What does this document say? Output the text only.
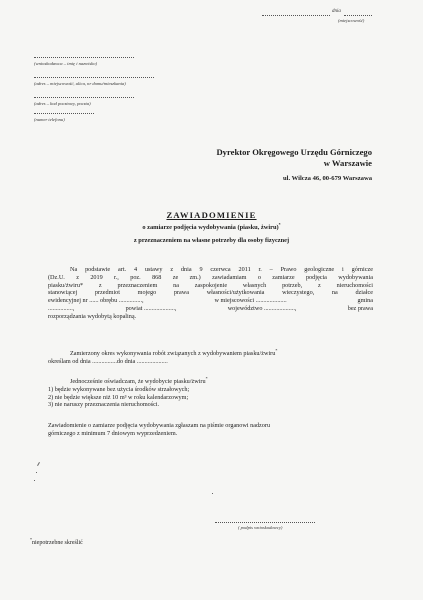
dnia
(miejscowość)
(wnioskodawca – imię i nazwisko)
(adres – miejscowość, ulica, nr domu/mieszkania)
(adres – kod pocztowy, poczta)
(numer telefonu)
Dyrektor Okręgowego Urzędu Górniczego
w Warszawie
ul. Wilcza 46, 00-679 Warszawa
ZAWIADOMIENIE
o zamiarze podjęcia wydobywania (piasku, żwiru)*
z przeznaczeniem na własne potrzeby dla osoby fizycznej
Na podstawie art. 4 ustawy z dnia 9 czerwca 2011 r. – Prawo geologiczne i górnicze
(Dz.U. z 2019 r., poz. 868 ze zm.) zawiadamiam o zamiarze podjęcia wydobywania
piasku/żwiru*	z	przeznaczeniem	na	zaspokojenie	własnych	potrzeb,	z	nieruchomości
stanowiącej	przedmiot	mojego	prawa	własności/użytkowania	wieczystego,	na	działce
ewidencyjnej nr ...... obrębu ...............,	w miejscowości ....................	gmina
................,	powiat ....................,	województwo ....................,	bez prawa
rozporządzania wydobytą kopaliną.
Zamierzony okres wykonywania robót związanych z wydobywaniem piasku/żwiru*
określam od dnia ................do dnia ....................
Jednocześnie oświadczam, że wydobycie piasku/żwiru*
1) będzie wykonywane bez użycia środków strzałowych;
2) nie będzie większe niż 10 m³ w roku kalendarzowym;
3) nie naruszy przeznaczenia nieruchomości.
Zawiadomienie o zamiarze podjęcia wydobywania zgłaszam na piśmie organowi nadzoru
górniczego z minimum 7 dniowym wyprzedzeniem.
( podpis wnioskodawcy)
*niepotrzebne skreślić
